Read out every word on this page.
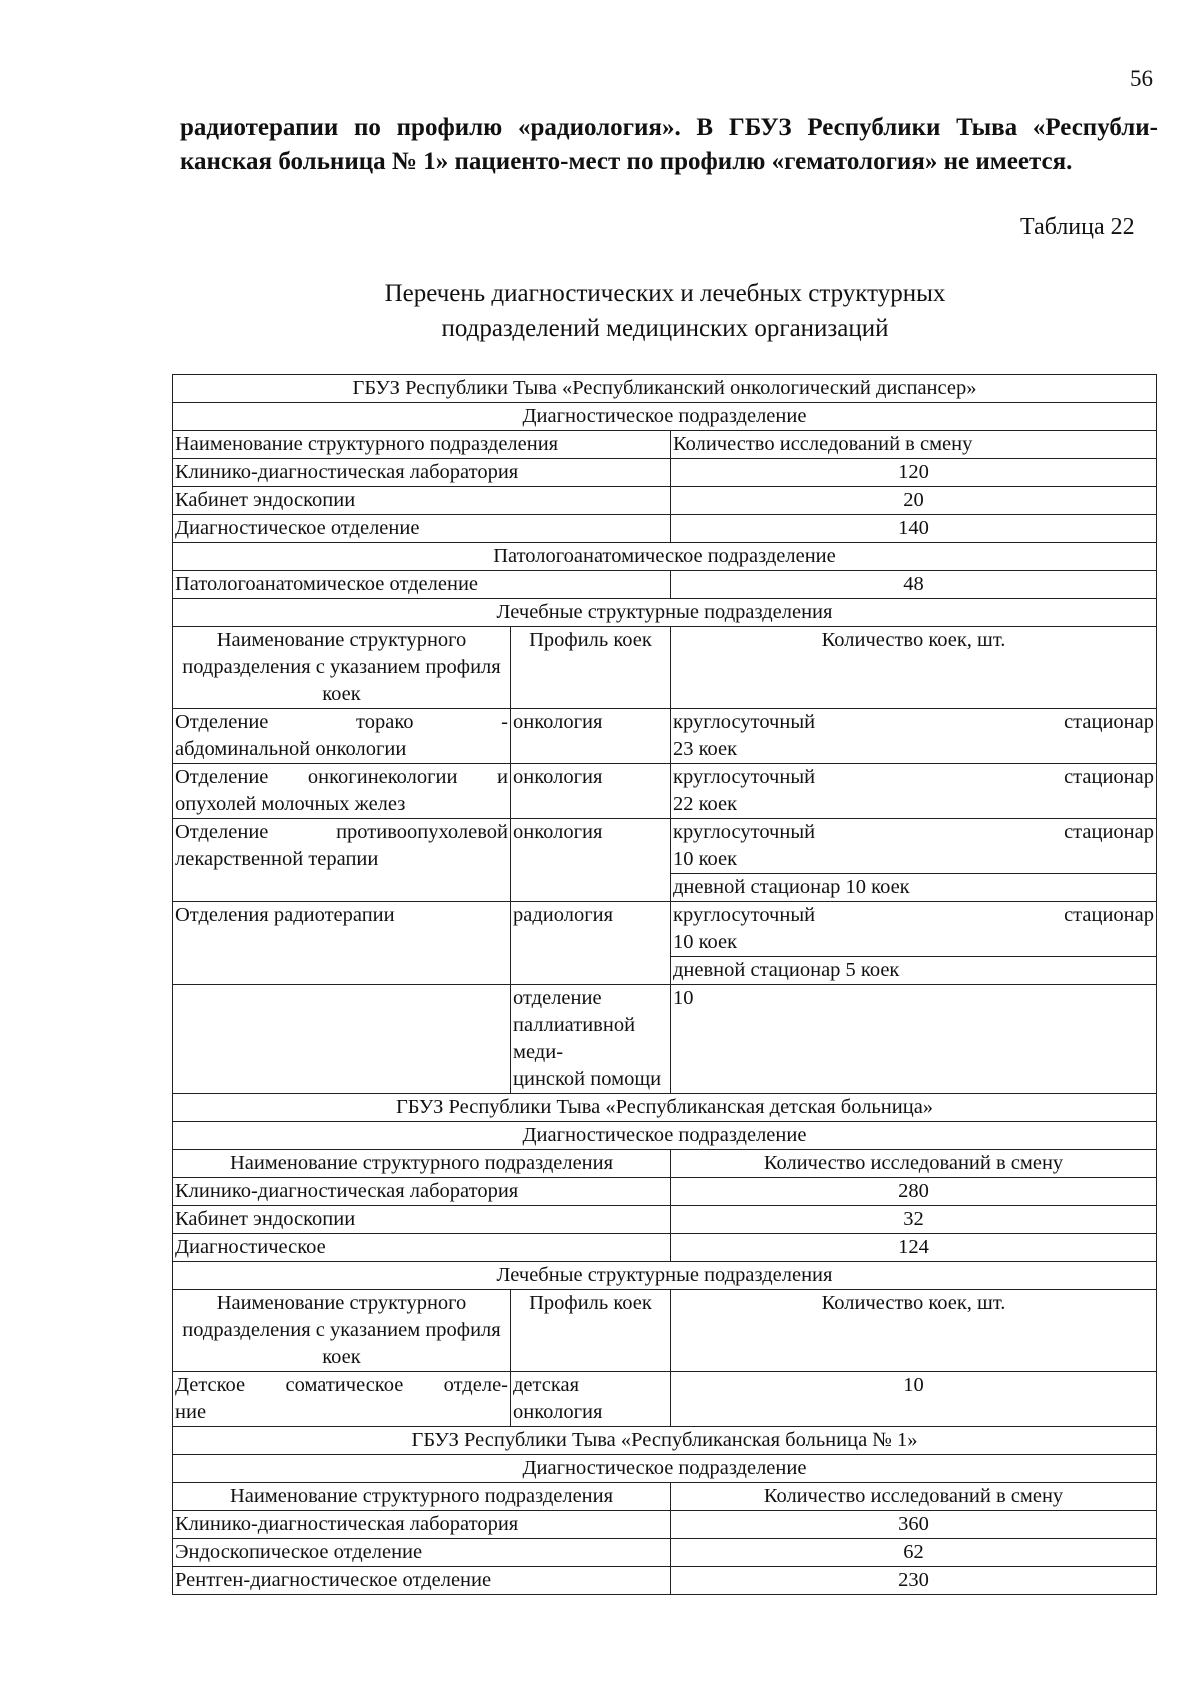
56
радиотерапии по профилю «радиология». В ГБУЗ Республики Тыва «Республи-
канская больница № 1» пациенто-мест по профилю «гематология» не имеется.
Таблица 22
Перечень диагностических и лечебных структурных
подразделений медицинских организаций
ГБУЗ Республики Тыва «Республиканский онкологический диспансер»		
Диагностическое подразделение		
Наименование структурного подразделения		Количество исследований в смену
Клинико-диагностическая лаборатория		120
Кабинет эндоскопии		20
Диагностическое отделение		140
Патологоанатомическое подразделение		
Патологоанатомическое отделение		48
Лечебные структурные подразделения		
Наименование структурного подразделения с указанием профиля коек	Профиль коек	Количество коек, шт.

Отделение торако -
абдоминальной онкологии	онкология	круглосуточный стационар
23 коек

Отделение онкогинекологии и
опухолей молочных желез	онкология	круглосуточный стационар
22 коек

Отделение противоопухолевой
лекарственной терапии	онкология	круглосуточный стационар
10 коек
		дневной стационар 10 коек
Отделения радиотерапии	радиология	круглосуточный стационар
10 коек
		дневной стационар 5 коек

	отделение паллиативной меди-
цинской помощи	10
ГБУЗ Республики Тыва «Республиканская детская больница»		
Диагностическое подразделение		
Наименование структурного подразделения		Количество исследований в смену
Клинико-диагностическая лаборатория		280
Кабинет эндоскопии		32
Диагностическое		124
Лечебные структурные подразделения		
Наименование структурного подразделения с указанием профиля коек	Профиль коек	Количество коек, шт.

Детское соматическое отделе-
ние	детская онкология	10
ГБУЗ Республики Тыва «Республиканская больница № 1»		
Диагностическое подразделение		
Наименование структурного подразделения		Количество исследований в смену
Клинико-диагностическая лаборатория		360
Эндоскопическое отделение		62
Рентген-диагностическое отделение		230
